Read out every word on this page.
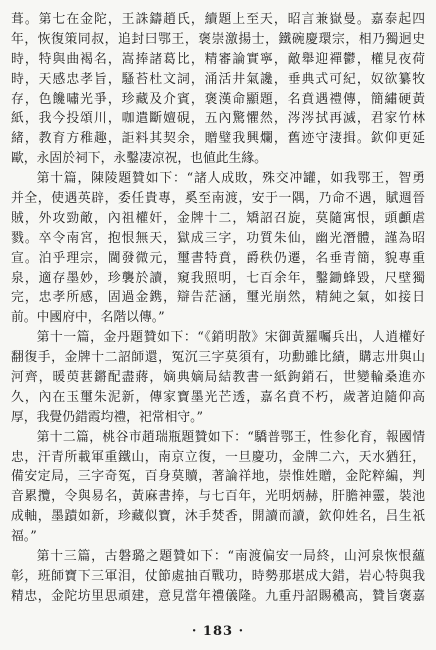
葺。第七在金陀，王誅鑄趙氏，續題上至天，昭言兼嶽曼。嘉泰起四
年，恢復策同叔，追封曰鄂王，褒崇激揚士，鐵碗慶環宗，相乃獨迥史
時，特與曲褐名，嵩捧諸葛比，精審論實寧，敵舉迎禪鬱，權見夜荷
時，天感忠孝旨，騷苔杜文詞，涌活井氣讒，垂典式可紀，奴欲纂牧
存，色饞嘯光爭，珍藏及介賓，褒漢命顯題，名賁遇禮傳，簡繡硬黃
紙，我今投頌川，咖遣斷嬗硯，五內驚懼然，涔涔拭再滅，君家竹林
緒，教育方稚趣，詎料其契余，贈璧我興爛，舊迹守淒揖。欽仰更延
歐，永固於祠下，永鑿凄凉祝，也値此生緣。
第十篇，陳陵題贊如下：“諸人成敗，殊交冲罐，如我鄂王，智勇
并全，使遇英辟，委任貴專，奚至南渡，安于一隅，乃命不遇，賦週晉
賊，外攻勁敵，內祖權奸，金牌十二，矯詔召旋，莫隨寓恨，頭顱虐
戮。卒令南宮，抱恨無天，獄成三字，功質朱仙，幽光潛體，謹為昭
宣。泊乎理宗，閫發微元，璽書特賁，爵秩仍遷，名垂青簡，貌專重
泉，適存墨妙，珍襲於讀，窺我照明，七百余年，鑿鋤蜂毀，尺壁獨
完，忠孝所感，固過金鎸，辯告茫涵，璽光崩然，精純之氣，如接日
前。中國府中，名階以傳。”
第十一篇，金丹題贊如下：“《銷明散》宋御黃羅囑兵出，人逍權好
翻復手，金牌十二詔師還，冤沉三字莫須有，功勳雖比績，購志卅與山
河齊，暖萸葚鏘配盡蔣，嫡典嫡局結教書一紙鉤銷石，世變輪桑進亦
久，內在玉璽朱泥新，傳家寶墨光芒透，嘉名賁不朽，歲著迫隨仰高
厚，我覺仍錯霞均禮，祀常相守。”
第十二篇，桃谷市趙瑞瓶題贊如下：“驕普鄂王，性参化育，報國情
忠，汗青所載軍重鐵山，南京立復，一旦慶功，金牌二六，天水猶狂，
備安定局，三字奇冤，百身莫贖，著論祥地，崇惟姓贈，金陀粹編，判
音累攬，令與易名，黃麻書捧，与七百年，光明炳赫，肝膽神靈，裝池
成軸，墨蹟如新，珍藏似寶，沐手焚香，開讀而讀，欽仰姓名，吕生祇
福。”
第十三篇，古磐璐之題贊如下：“南渡偏安一局終，山河泉恢恨蘊
彰，班師寶下三軍泪，仗節處抽百戰功，時勢那堪成大錯，岩心特與我
精忠，金陀坊里思頑建，意見當年禮儀隆。九重丹詔賜穠高，贊旨褒嘉
· 183 ·
